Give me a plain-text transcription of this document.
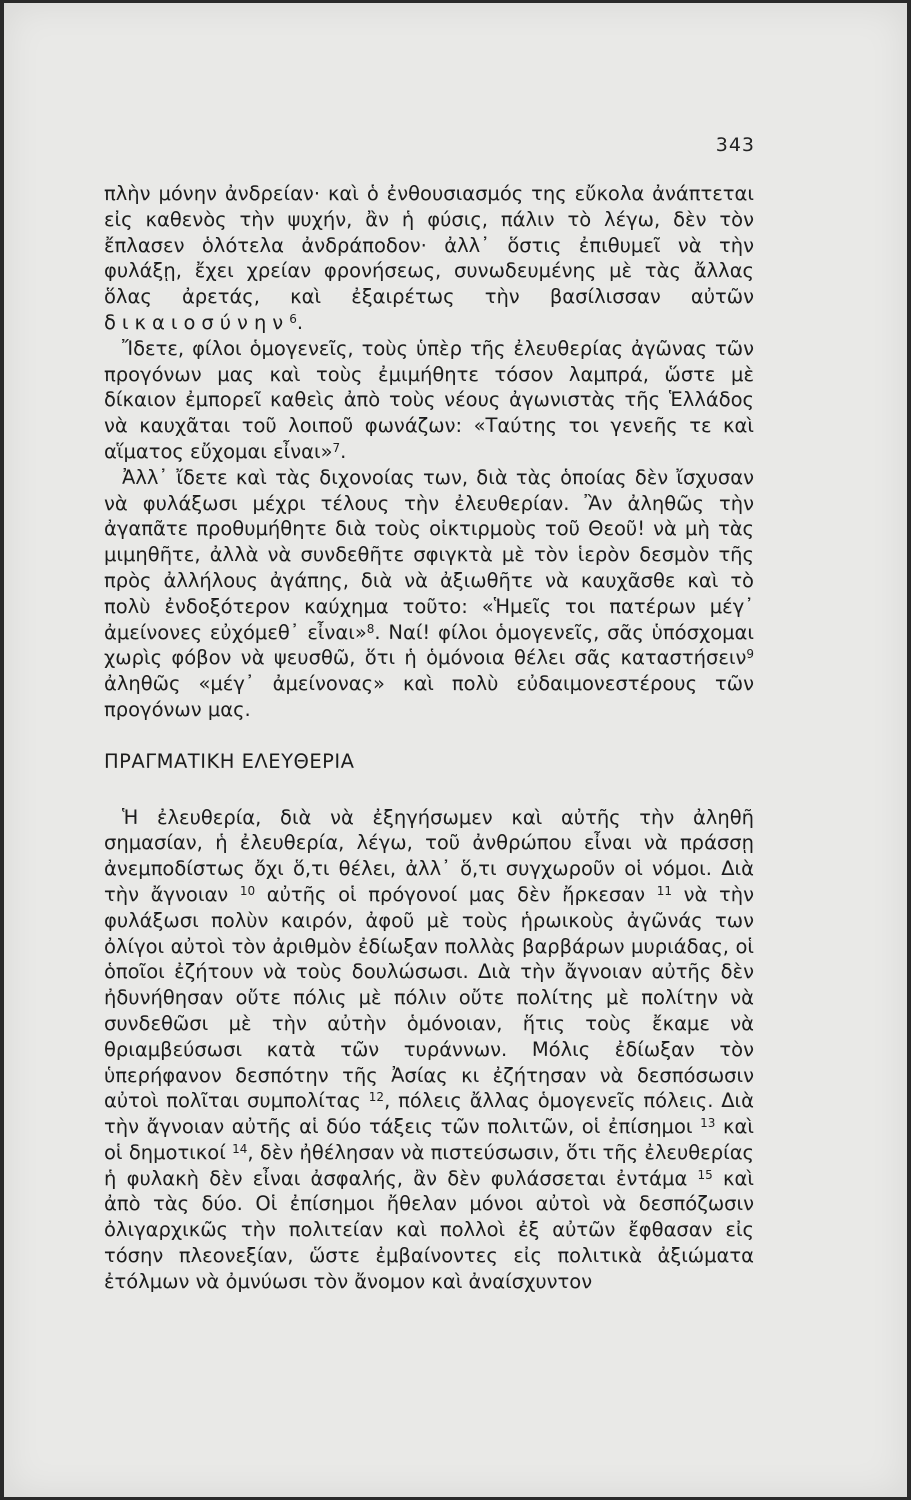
343

πλὴν μόνην ἀνδρείαν· καὶ ὁ ἐνθουσιασμός της εὔκολα ἀνάπτεται εἰς καθενὸς τὴν ψυχήν, ἂν ἡ φύσις, πάλιν τὸ λέγω, δὲν τὸν ἔπλασεν ὁλότελα ἀνδράποδον· ἀλλ᾽ ὅστις ἐπιθυμεῖ νὰ τὴν φυλάξῃ, ἔχει χρείαν φρονήσεως, συνωδευμένης μὲ τὰς ἄλλας ὅλας ἀρετάς, καὶ ἐξαιρέτως τὴν βασίλισσαν αὐτῶν δικαιοσύνην$^6$.

Ἴδετε, φίλοι ὁμογενεῖς, τοὺς ὑπὲρ τῆς ἐλευθερίας ἀγῶνας τῶν προγόνων μας καὶ τοὺς ἐμιμήθητε τόσον λαμπρά, ὥστε μὲ δίκαιον ἐμπορεῖ καθεὶς ἀπὸ τοὺς νέους ἀγωνιστὰς τῆς Ἑλλάδος νὰ καυχᾶται τοῦ λοιποῦ φωνάζων: «Ταύτης τοι γενεῆς τε καὶ αἵματος εὔχομαι εἶναι»$^7$.

Ἀλλ᾽ ἴδετε καὶ τὰς διχονοίας των, διὰ τὰς ὁποίας δὲν ἴσχυσαν νὰ φυλάξωσι μέχρι τέλους τὴν ἐλευθερίαν. Ἂν ἀληθῶς τὴν ἀγαπᾶτε προθυμήθητε διὰ τοὺς οἰκτιρμοὺς τοῦ Θεοῦ! νὰ μὴ τὰς μιμηθῆτε, ἀλλὰ νὰ συνδεθῆτε σφιγκτὰ μὲ τὸν ἱερὸν δεσμὸν τῆς πρὸς ἀλλήλους ἀγάπης, διὰ νὰ ἀξιωθῆτε νὰ καυχᾶσθε καὶ τὸ πολὺ ἐνδοξότερον καύχημα τοῦτο: «Ἡμεῖς τοι πατέρων μέγ᾽ ἀμείνονες εὐχόμεθ᾽ εἶναι»$^8$. Ναί! φίλοι ὁμογενεῖς, σᾶς ὑπόσχομαι χωρὶς φόβον νὰ ψευσθῶ, ὅτι ἡ ὁμόνοια θέλει σᾶς καταστήσειν$^9$ ἀληθῶς «μέγ᾽ ἀμείνονας» καὶ πολὺ εὐδαιμονεστέρους τῶν προγόνων μας.

ΠΡΑΓΜΑΤΙΚΗ ΕΛΕΥΘΕΡΙΑ

Ἡ ἐλευθερία, διὰ νὰ ἐξηγήσωμεν καὶ αὐτῆς τὴν ἀληθῆ σημασίαν, ἡ ἐλευθερία, λέγω, τοῦ ἀνθρώπου εἶναι νὰ πράσσῃ ἀνεμποδίστως ὄχι ὅ,τι θέλει, ἀλλ᾽ ὅ,τι συγχωροῦν οἱ νόμοι. Διὰ τὴν ἄγνοιαν $^{10}$ αὐτῆς οἱ πρόγονοί μας δὲν ἤρκεσαν $^{11}$ νὰ τὴν φυλάξωσι πολὺν καιρόν, ἀφοῦ μὲ τοὺς ἡρωικοὺς ἀγῶνάς των ὀλίγοι αὐτοὶ τὸν ἀριθμὸν ἐδίωξαν πολλὰς βαρβάρων μυριάδας, οἱ ὁποῖοι ἐζήτουν νὰ τοὺς δουλώσωσι. Διὰ τὴν ἄγνοιαν αὐτῆς δὲν ἠδυνήθησαν οὔτε πόλις μὲ πόλιν οὔτε πολίτης μὲ πολίτην νὰ συνδεθῶσι μὲ τὴν αὐτὴν ὁμόνοιαν, ἥτις τοὺς ἔκαμε νὰ θριαμβεύσωσι κατὰ τῶν τυράννων. Μόλις ἐδίωξαν τὸν ὑπερήφανον δεσπότην τῆς Ἀσίας κι ἐζήτησαν νὰ δεσπόσωσιν αὐτοὶ πολῖται συμπολίτας $^{12}$, πόλεις ἄλλας ὁμογενεῖς πόλεις. Διὰ τὴν ἄγνοιαν αὐτῆς αἱ δύο τάξεις τῶν πολιτῶν, οἱ ἐπίσημοι $^{13}$ καὶ οἱ δημοτικοί $^{14}$, δὲν ἠθέλησαν νὰ πιστεύσωσιν, ὅτι τῆς ἐλευθερίας ἡ φυλακὴ δὲν εἶναι ἀσφαλής, ἂν δὲν φυλάσσεται ἐντάμα $^{15}$ καὶ ἀπὸ τὰς δύο. Οἱ ἐπίσημοι ἤθελαν μόνοι αὐτοὶ νὰ δεσπόζωσιν ὀλιγαρχικῶς τὴν πολιτείαν καὶ πολλοὶ ἐξ αὐτῶν ἔφθασαν εἰς τόσην πλεονεξίαν, ὥστε ἐμβαίνοντες εἰς πολιτικὰ ἀξιώματα ἐτόλμων νὰ ὀμνύωσι τὸν ἄνομον καὶ ἀναίσχυντον
